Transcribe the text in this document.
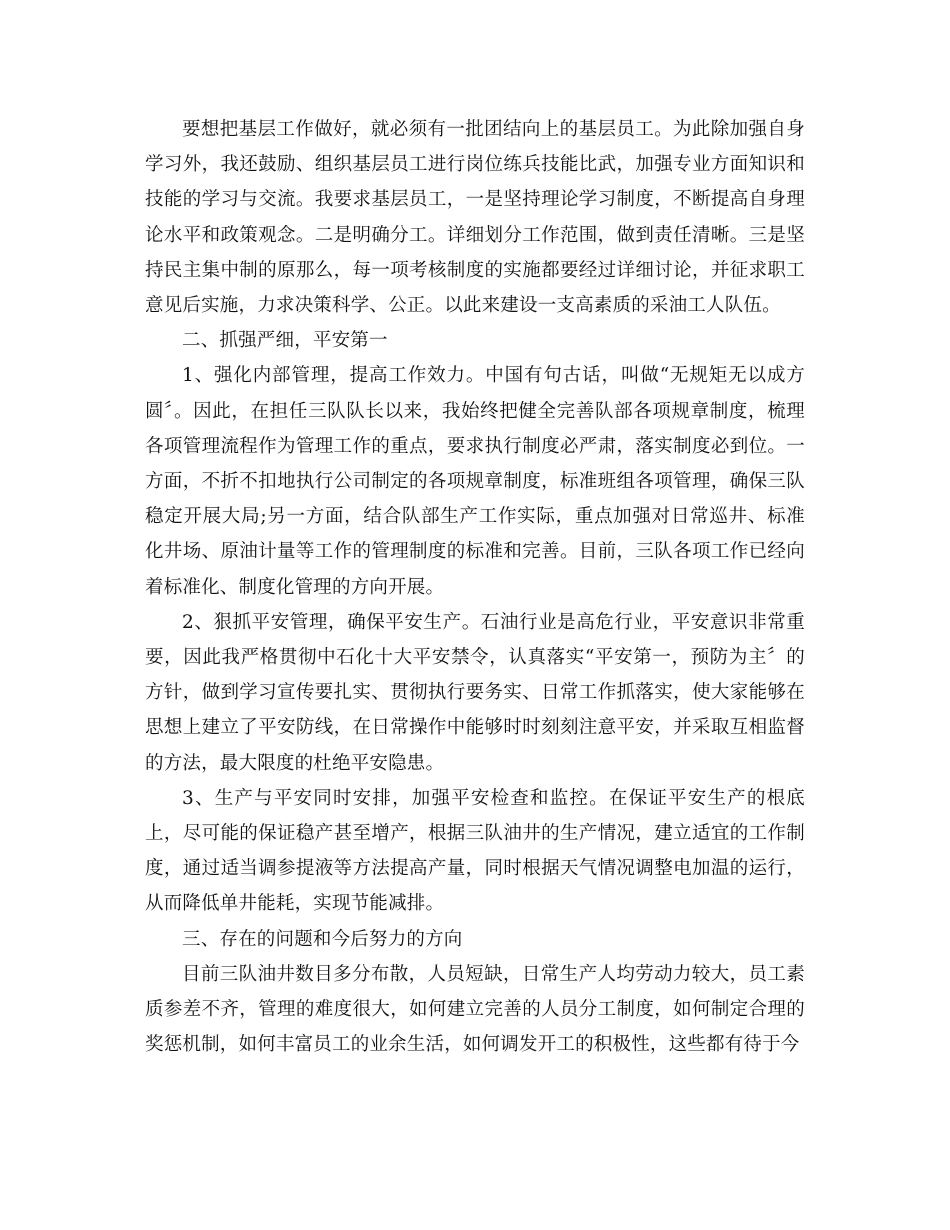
要想把基层工作做好，就必须有一批团结向上的基层员工。为此除加强自身学习外，我还鼓励、组织基层员工进行岗位练兵技能比武，加强专业方面知识和技能的学习与交流。我要求基层员工，一是坚持理论学习制度，不断提高自身理论水平和政策观念。二是明确分工。详细划分工作范围，做到责任清晰。三是坚持民主集中制的原那么，每一项考核制度的实施都要经过详细讨论，并征求职工意见后实施，力求决策科学、公正。以此来建设一支高素质的采油工人队伍。

二、抓强严细，平安第一

1、强化内部管理，提高工作效力。中国有句古话，叫做“无规矩无以成方圆〞。因此，在担任三队队长以来，我始终把健全完善队部各项规章制度，梳理各项管理流程作为管理工作的重点，要求执行制度必严肃，落实制度必到位。一方面，不折不扣地执行公司制定的各项规章制度，标准班组各项管理，确保三队稳定开展大局;另一方面，结合队部生产工作实际，重点加强对日常巡井、标准化井场、原油计量等工作的管理制度的标准和完善。目前，三队各项工作已经向着标准化、制度化管理的方向开展。

2、狠抓平安管理，确保平安生产。石油行业是高危行业，平安意识非常重要，因此我严格贯彻中石化十大平安禁令，认真落实“平安第一，预防为主〞的方针，做到学习宣传要扎实、贯彻执行要务实、日常工作抓落实，使大家能够在思想上建立了平安防线，在日常操作中能够时时刻刻注意平安，并采取互相监督的方法，最大限度的杜绝平安隐患。

3、生产与平安同时安排，加强平安检查和监控。在保证平安生产的根底上，尽可能的保证稳产甚至增产，根据三队油井的生产情况，建立适宜的工作制度，通过适当调参提液等方法提高产量，同时根据天气情况调整电加温的运行，从而降低单井能耗，实现节能减排。

三、存在的问题和今后努力的方向

目前三队油井数目多分布散，人员短缺，日常生产人均劳动力较大，员工素质参差不齐，管理的难度很大，如何建立完善的人员分工制度，如何制定合理的奖惩机制，如何丰富员工的业余生活，如何调发开工的积极性，这些都有待于今
